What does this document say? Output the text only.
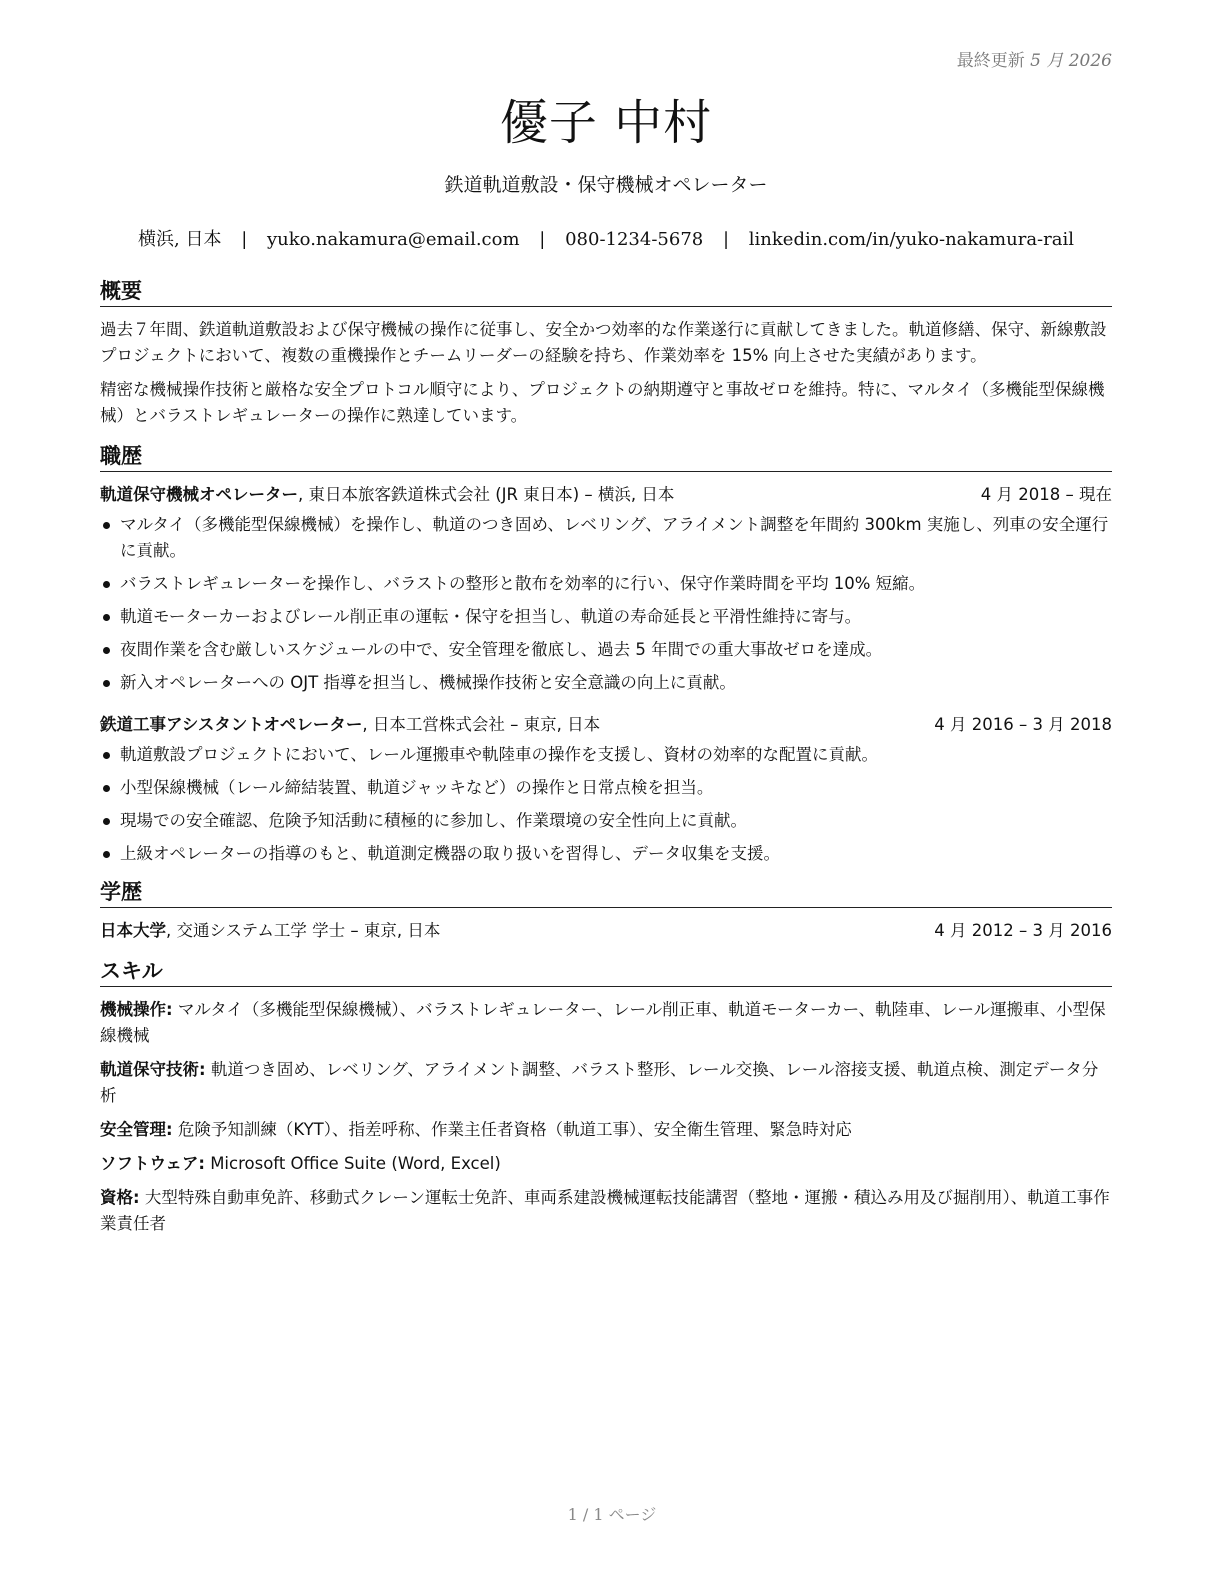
最終更新 5 月 2026
優子 中村
鉄道軌道敷設・保守機械オペレーター
横浜, 日本 | yuko.nakamura@email.com | 080-1234-5678 | linkedin.com/in/yuko-nakamura-rail
概要

過去７年間、鉄道軌道敷設および保守機械の操作に従事し、安全かつ効率的な作業遂行に貢献してきました。軌道修繕、保守、新線敷設プロジェクトにおいて、複数の重機操作とチームリーダーの経験を持ち、作業効率を 15% 向上させた実績があります。

精密な機械操作技術と厳格な安全プロトコル順守により、プロジェクトの納期遵守と事故ゼロを維持。特に、マルタイ（多機能型保線機械）とバラストレギュレーターの操作に熟達しています。

職歴
軌道保守機械オペレーター, 東日本旅客鉄道株式会社 (JR 東日本) – 横浜, 日本	4 月 2018 – 現在
マルタイ（多機能型保線機械）を操作し、軌道のつき固め、レベリング、アライメント調整を年間約 300km 実施し、列車の安全運行に貢献。
バラストレギュレーターを操作し、バラストの整形と散布を効率的に行い、保守作業時間を平均 10% 短縮。
軌道モーターカーおよびレール削正車の運転・保守を担当し、軌道の寿命延長と平滑性維持に寄与。
夜間作業を含む厳しいスケジュールの中で、安全管理を徹底し、過去 5 年間での重大事故ゼロを達成。
新入オペレーターへの OJT 指導を担当し、機械操作技術と安全意識の向上に貢献。
鉄道工事アシスタントオペレーター, 日本工営株式会社 – 東京, 日本	4 月 2016 – 3 月 2018
軌道敷設プロジェクトにおいて、レール運搬車や軌陸車の操作を支援し、資材の効率的な配置に貢献。
小型保線機械（レール締結装置、軌道ジャッキなど）の操作と日常点検を担当。
現場での安全確認、危険予知活動に積極的に参加し、作業環境の安全性向上に貢献。
上級オペレーターの指導のもと、軌道測定機器の取り扱いを習得し、データ収集を支援。
学歴
日本大学, 交通システム工学 学士 – 東京, 日本	4 月 2012 – 3 月 2016
スキル

機械操作: マルタイ（多機能型保線機械）、バラストレギュレーター、レール削正車、軌道モーターカー、軌陸車、レール運搬車、小型保線機械

軌道保守技術: 軌道つき固め、レベリング、アライメント調整、バラスト整形、レール交換、レール溶接支援、軌道点検、測定データ分析

安全管理: 危険予知訓練（KYT）、指差呼称、作業主任者資格（軌道工事）、安全衛生管理、緊急時対応

ソフトウェア: Microsoft Office Suite (Word, Excel)

資格: 大型特殊自動車免許、移動式クレーン運転士免許、車両系建設機械運転技能講習（整地・運搬・積込み用及び掘削用）、軌道工事作業責任者

1 / 1 ページ
